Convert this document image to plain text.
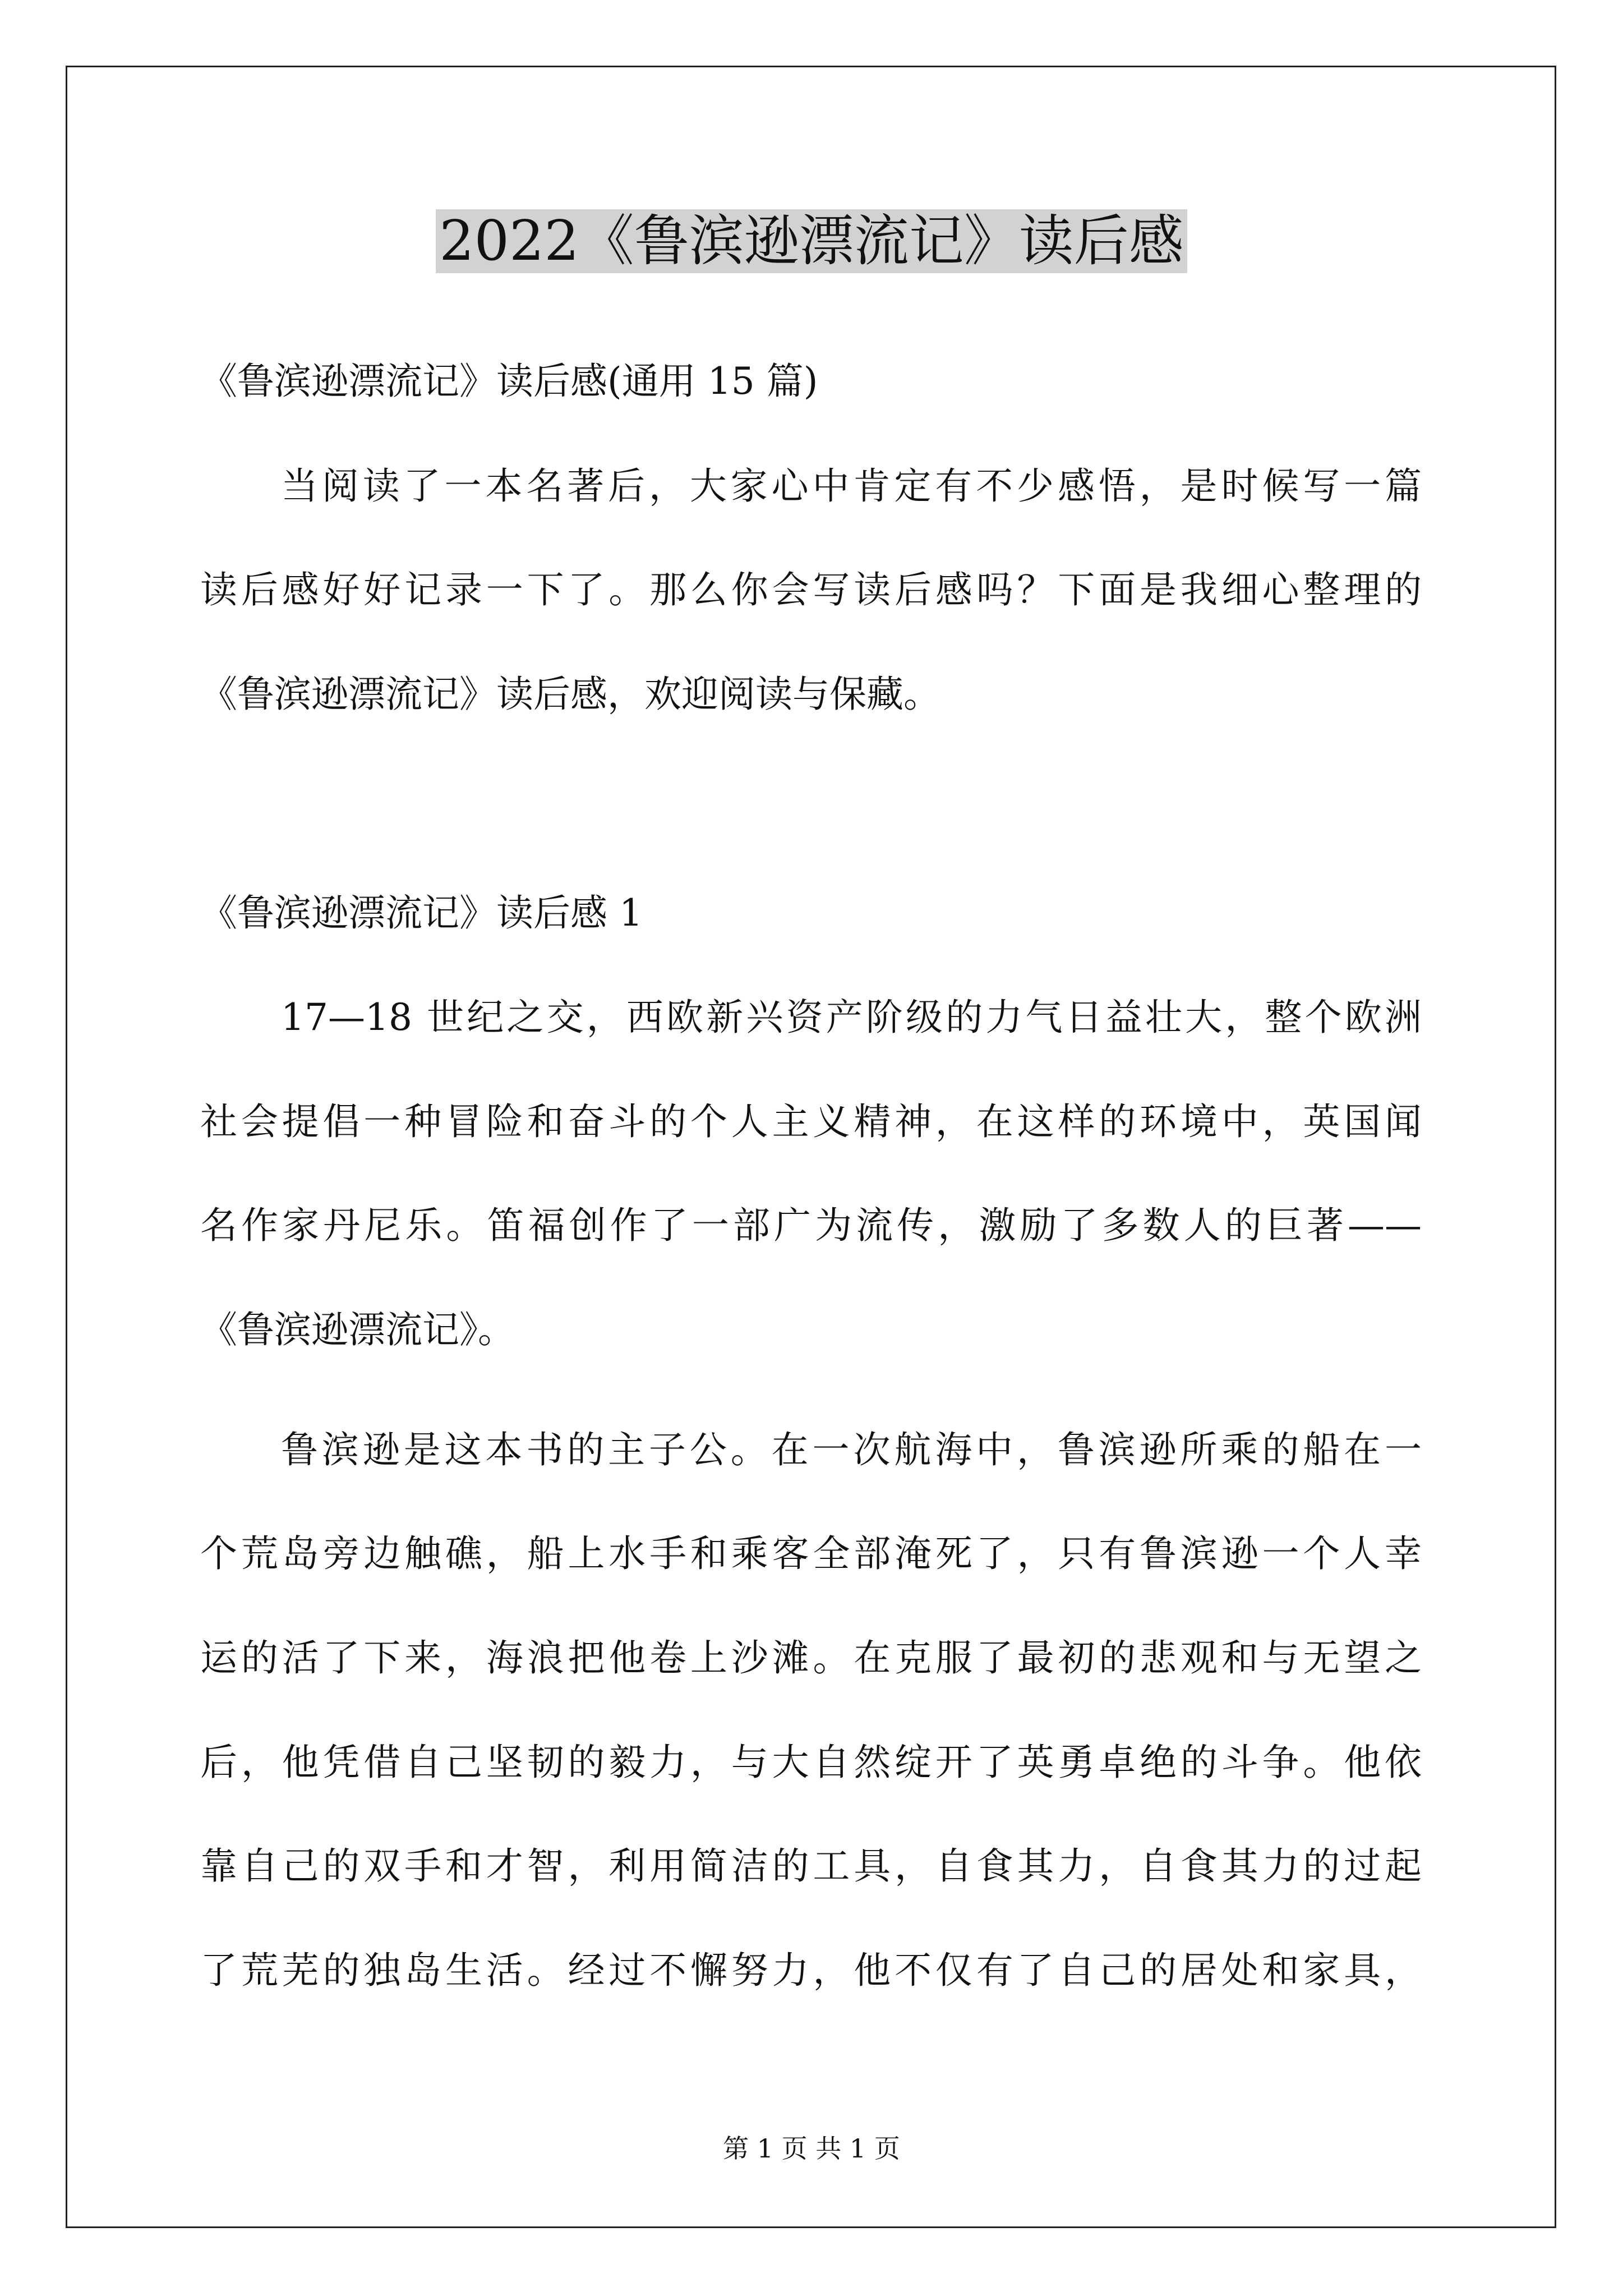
2022《鲁滨逊漂流记》读后感
《鲁滨逊漂流记》读后感(通用 15 篇)
当阅读了一本名著后，大家心中肯定有不少感悟，是时候写一篇
读后感好好记录一下了。那么你会写读后感吗？下面是我细心整理的
《鲁滨逊漂流记》读后感，欢迎阅读与保藏。
《鲁滨逊漂流记》读后感 1
17—18 世纪之交，西欧新兴资产阶级的力气日益壮大，整个欧洲
社会提倡一种冒险和奋斗的个人主义精神，在这样的环境中，英国闻
名作家丹尼乐。笛福创作了一部广为流传，激励了多数人的巨著——
《鲁滨逊漂流记》。
鲁滨逊是这本书的主子公。在一次航海中，鲁滨逊所乘的船在一
个荒岛旁边触礁，船上水手和乘客全部淹死了，只有鲁滨逊一个人幸
运的活了下来，海浪把他卷上沙滩。在克服了最初的悲观和与无望之
后，他凭借自己坚韧的毅力，与大自然绽开了英勇卓绝的斗争。他依
靠自己的双手和才智，利用简洁的工具，自食其力，自食其力的过起
了荒芜的独岛生活。经过不懈努力，他不仅有了自己的居处和家具，
第 1 页 共 1 页
